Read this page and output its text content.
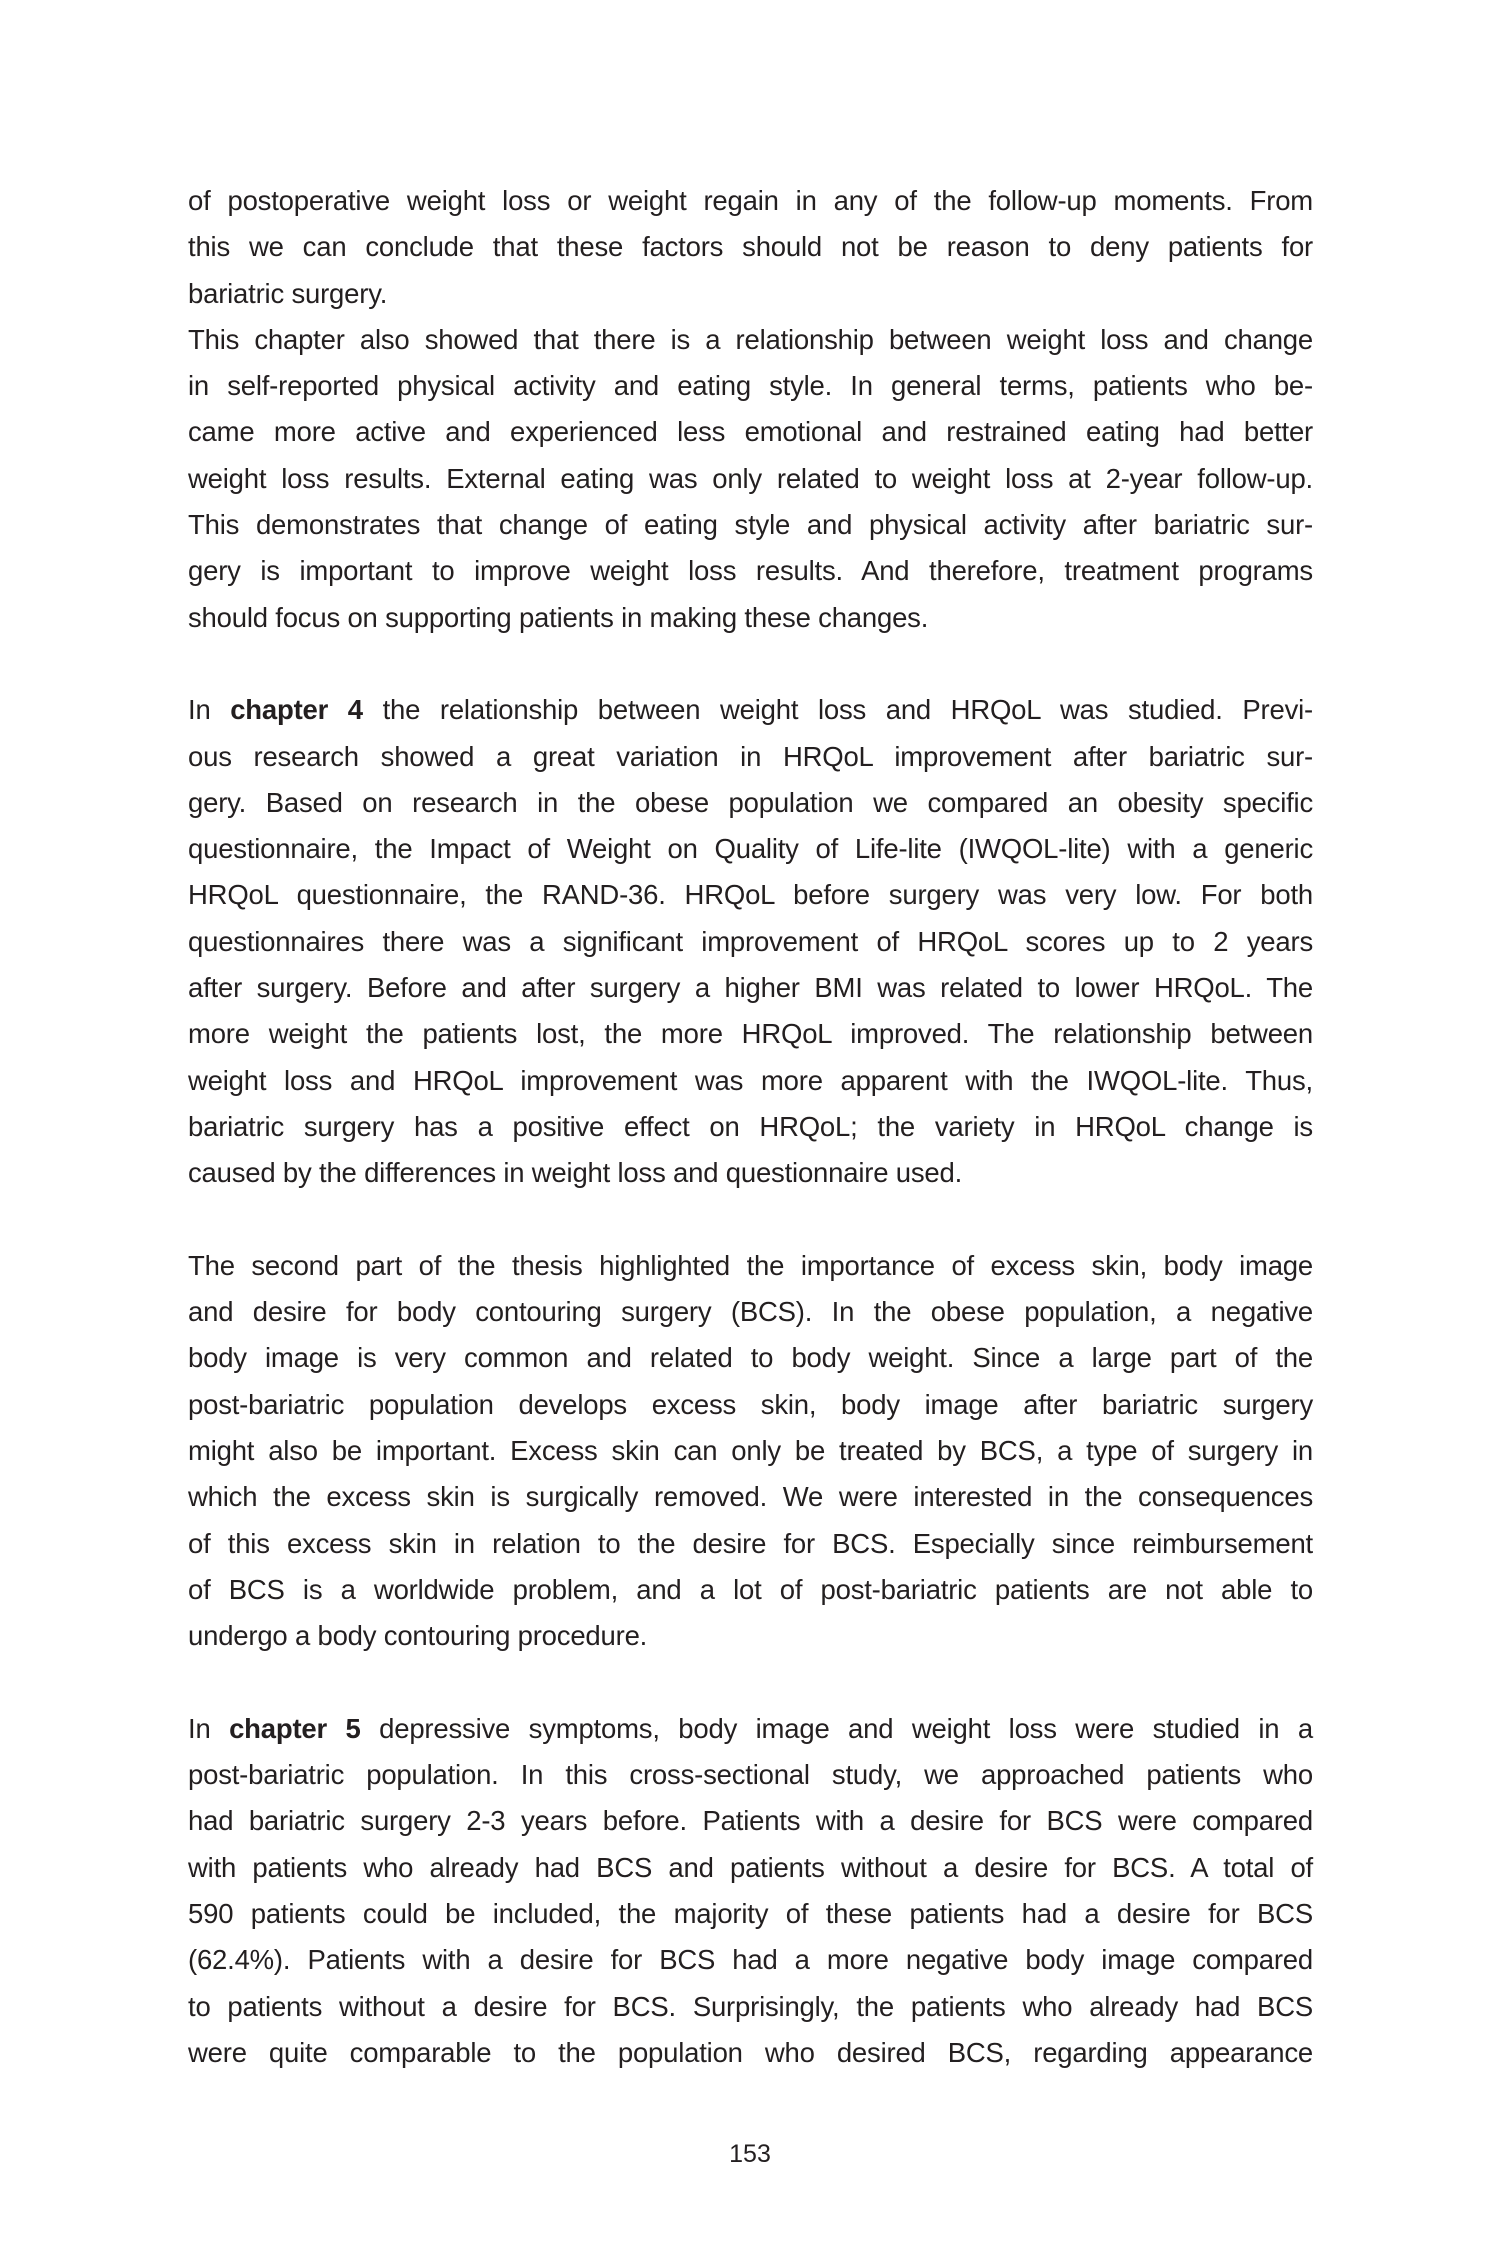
of postoperative weight loss or weight regain in any of the follow-up moments. From
this we can conclude that these factors should not be reason to deny patients for
bariatric surgery.
This chapter also showed that there is a relationship between weight loss and change
in self-reported physical activity and eating style. In general terms, patients who be-
came more active and experienced less emotional and restrained eating had better
weight loss results. External eating was only related to weight loss at 2-year follow-up.
This demonstrates that change of eating style and physical activity after bariatric sur-
gery is important to improve weight loss results. And therefore, treatment programs
should focus on supporting patients in making these changes.
In chapter 4 the relationship between weight loss and HRQoL was studied. Previ-
ous research showed a great variation in HRQoL improvement after bariatric sur-
gery. Based on research in the obese population we compared an obesity specific
questionnaire, the Impact of Weight on Quality of Life-lite (IWQOL-lite) with a generic
HRQoL questionnaire, the RAND-36. HRQoL before surgery was very low. For both
questionnaires there was a significant improvement of HRQoL scores up to 2 years
after surgery. Before and after surgery a higher BMI was related to lower HRQoL. The
more weight the patients lost, the more HRQoL improved. The relationship between
weight loss and HRQoL improvement was more apparent with the IWQOL-lite. Thus,
bariatric surgery has a positive effect on HRQoL; the variety in HRQoL change is
caused by the differences in weight loss and questionnaire used.
The second part of the thesis highlighted the importance of excess skin, body image
and desire for body contouring surgery (BCS). In the obese population, a negative
body image is very common and related to body weight. Since a large part of the
post-bariatric population develops excess skin, body image after bariatric surgery
might also be important. Excess skin can only be treated by BCS, a type of surgery in
which the excess skin is surgically removed. We were interested in the consequences
of this excess skin in relation to the desire for BCS. Especially since reimbursement
of BCS is a worldwide problem, and a lot of post-bariatric patients are not able to
undergo a body contouring procedure.
In chapter 5 depressive symptoms, body image and weight loss were studied in a
post-bariatric population. In this cross-sectional study, we approached patients who
had bariatric surgery 2-3 years before. Patients with a desire for BCS were compared
with patients who already had BCS and patients without a desire for BCS. A total of
590 patients could be included, the majority of these patients had a desire for BCS
(62.4%). Patients with a desire for BCS had a more negative body image compared
to patients without a desire for BCS. Surprisingly, the patients who already had BCS
were quite comparable to the population who desired BCS, regarding appearance
153
